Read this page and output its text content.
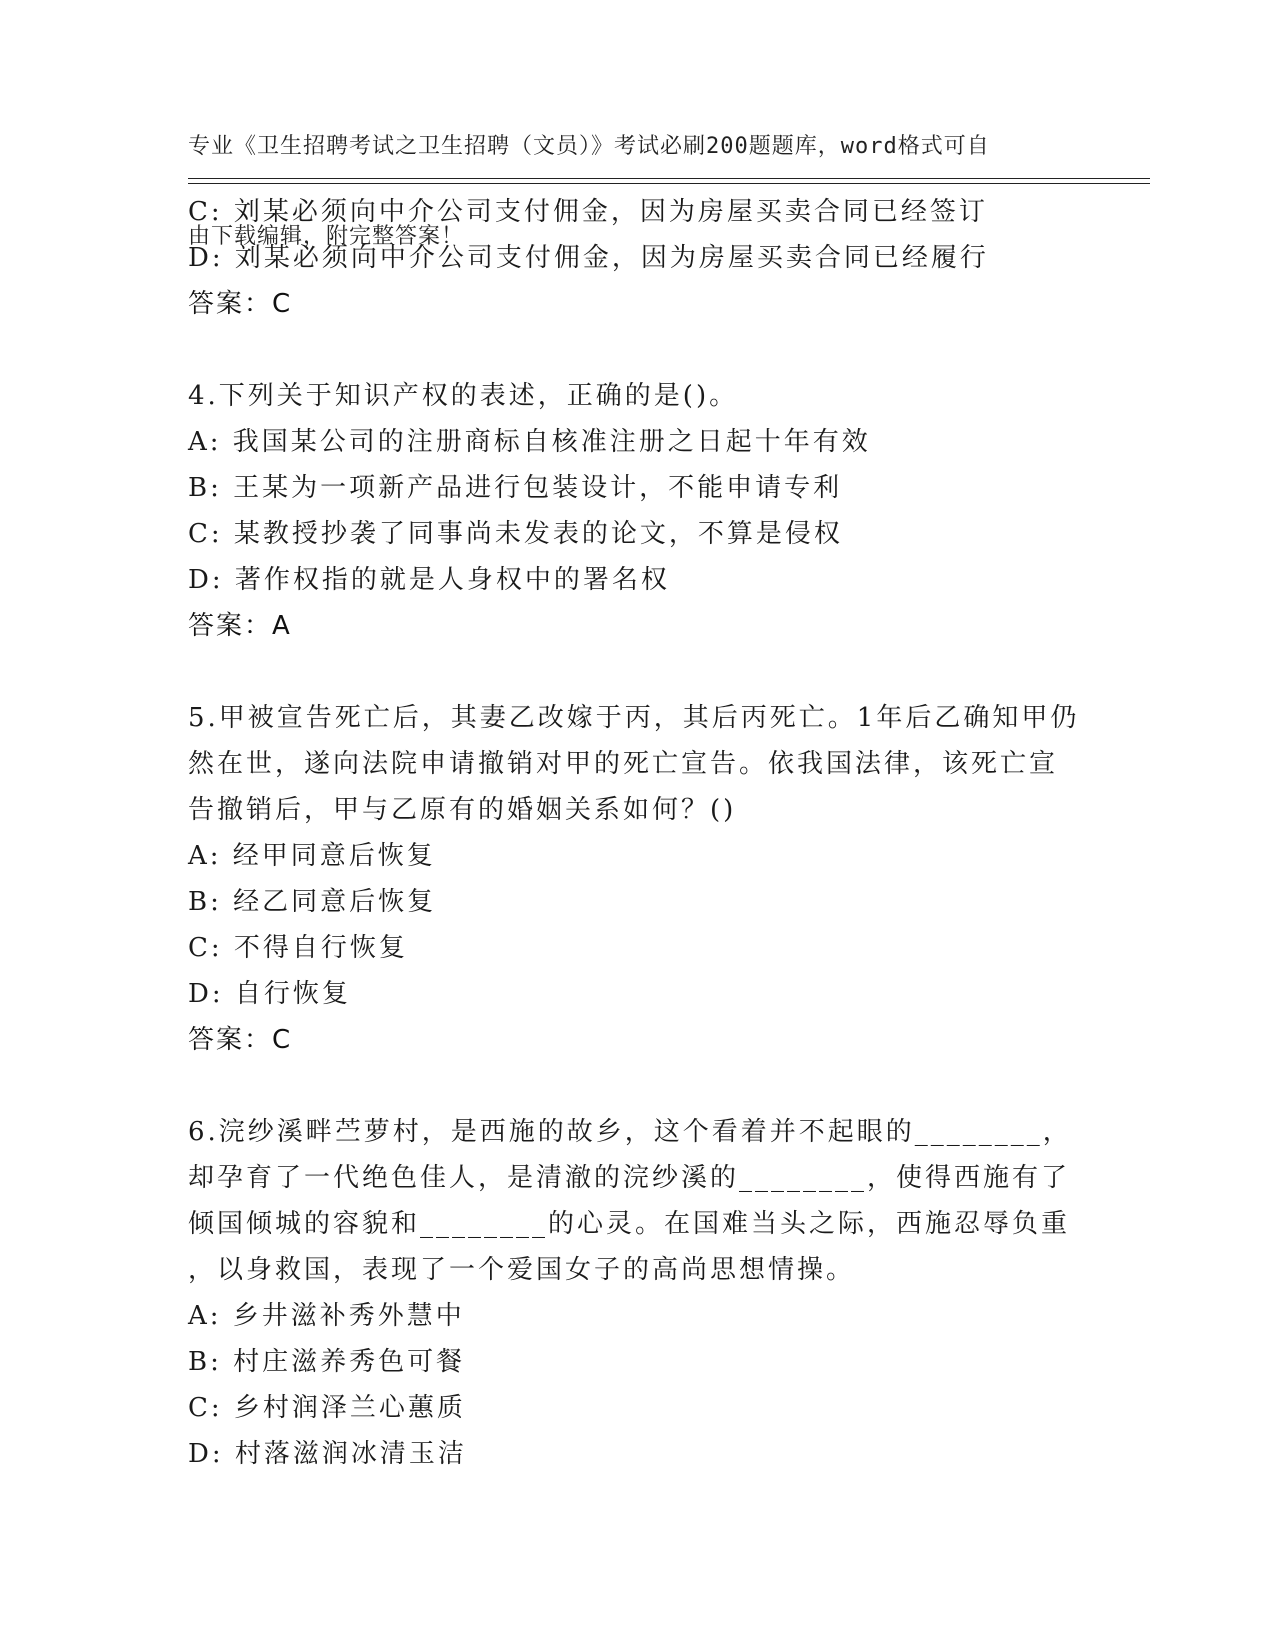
专业《卫生招聘考试之卫生招聘（文员）》考试必刷200题题库，word格式可自

由下载编辑，附完整答案！

C: 刘某必须向中介公司支付佣金，因为房屋买卖合同已经签订
D: 刘某必须向中介公司支付佣金，因为房屋买卖合同已经履行
答案：C
4.下列关于知识产权的表述，正确的是()。
A: 我国某公司的注册商标自核准注册之日起十年有效
B: 王某为一项新产品进行包装设计，不能申请专利
C: 某教授抄袭了同事尚未发表的论文，不算是侵权
D: 著作权指的就是人身权中的署名权
答案：A
5.甲被宣告死亡后，其妻乙改嫁于丙，其后丙死亡。1年后乙确知甲仍
然在世，遂向法院申请撤销对甲的死亡宣告。依我国法律，该死亡宣
告撤销后，甲与乙原有的婚姻关系如何？()
A: 经甲同意后恢复
B: 经乙同意后恢复
C: 不得自行恢复
D: 自行恢复
答案：C
6.浣纱溪畔苎萝村，是西施的故乡，这个看着并不起眼的________，
却孕育了一代绝色佳人，是清澈的浣纱溪的________，使得西施有了
倾国倾城的容貌和________的心灵。在国难当头之际，西施忍辱负重
，以身救国，表现了一个爱国女子的高尚思想情操。
A: 乡井滋补秀外慧中
B: 村庄滋养秀色可餐
C: 乡村润泽兰心蕙质
D: 村落滋润冰清玉洁
